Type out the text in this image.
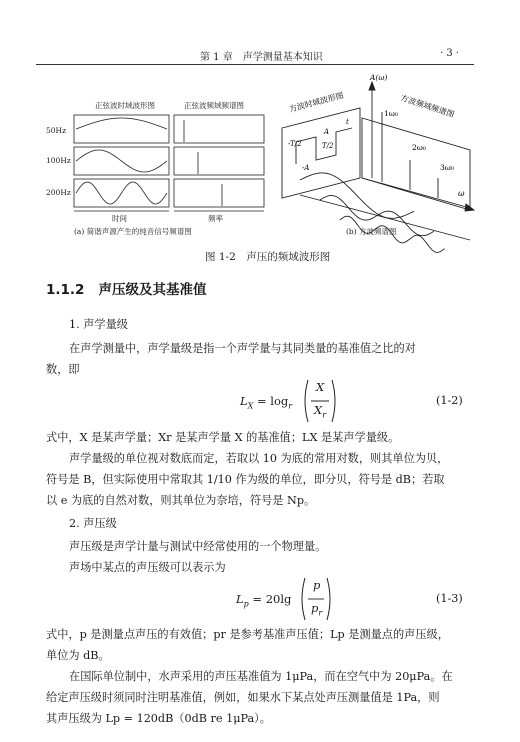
第 1 章　声学测量基本知识	· 3 ·
正弦波时域波形图	正弦波频域频谱图
50Hz
100Hz
200Hz
方波时域波形图	方波频域频谱图
A(ω)
1ω₀
2ω₀
3ω₀
ω
t
A
-A
-T/2	T/2
时间	频率
(a) 简谐声源产生的纯音信号频谱图	(b) 方波频谱图
图 1-2　声压的频域波形图
1.1.2 声压级及其基准值
1. 声学量级
在声学测量中，声学量级是指一个声学量与其同类量的基准值之比的对
数，即
$L_X = \log_r$
X
$X_r$
(1-2)
式中，X 是某声学量；Xr 是某声学量 X 的基准值；LX 是某声学量级。
声学量级的单位视对数底而定，若取以 10 为底的常用对数，则其单位为贝，
符号是 B，但实际使用中常取其 1/10 作为级的单位，即分贝，符号是 dB；若取
以 e 为底的自然对数，则其单位为奈培，符号是 Np。
2. 声压级
声压级是声学计量与测试中经常使用的一个物理量。
声场中某点的声压级可以表示为
$L_p = 20\lg$
p
$p_r$
(1-3)
式中，p 是测量点声压的有效值；pr 是参考基准声压值；Lp 是测量点的声压级，
单位为 dB。
在国际单位制中，水声采用的声压基准值为 1μPa，而在空气中为 20μPa。在
给定声压级时须同时注明基准值，例如，如果水下某点处声压测量值是 1Pa，则
其声压级为 Lp = 120dB（0dB re 1μPa）。
